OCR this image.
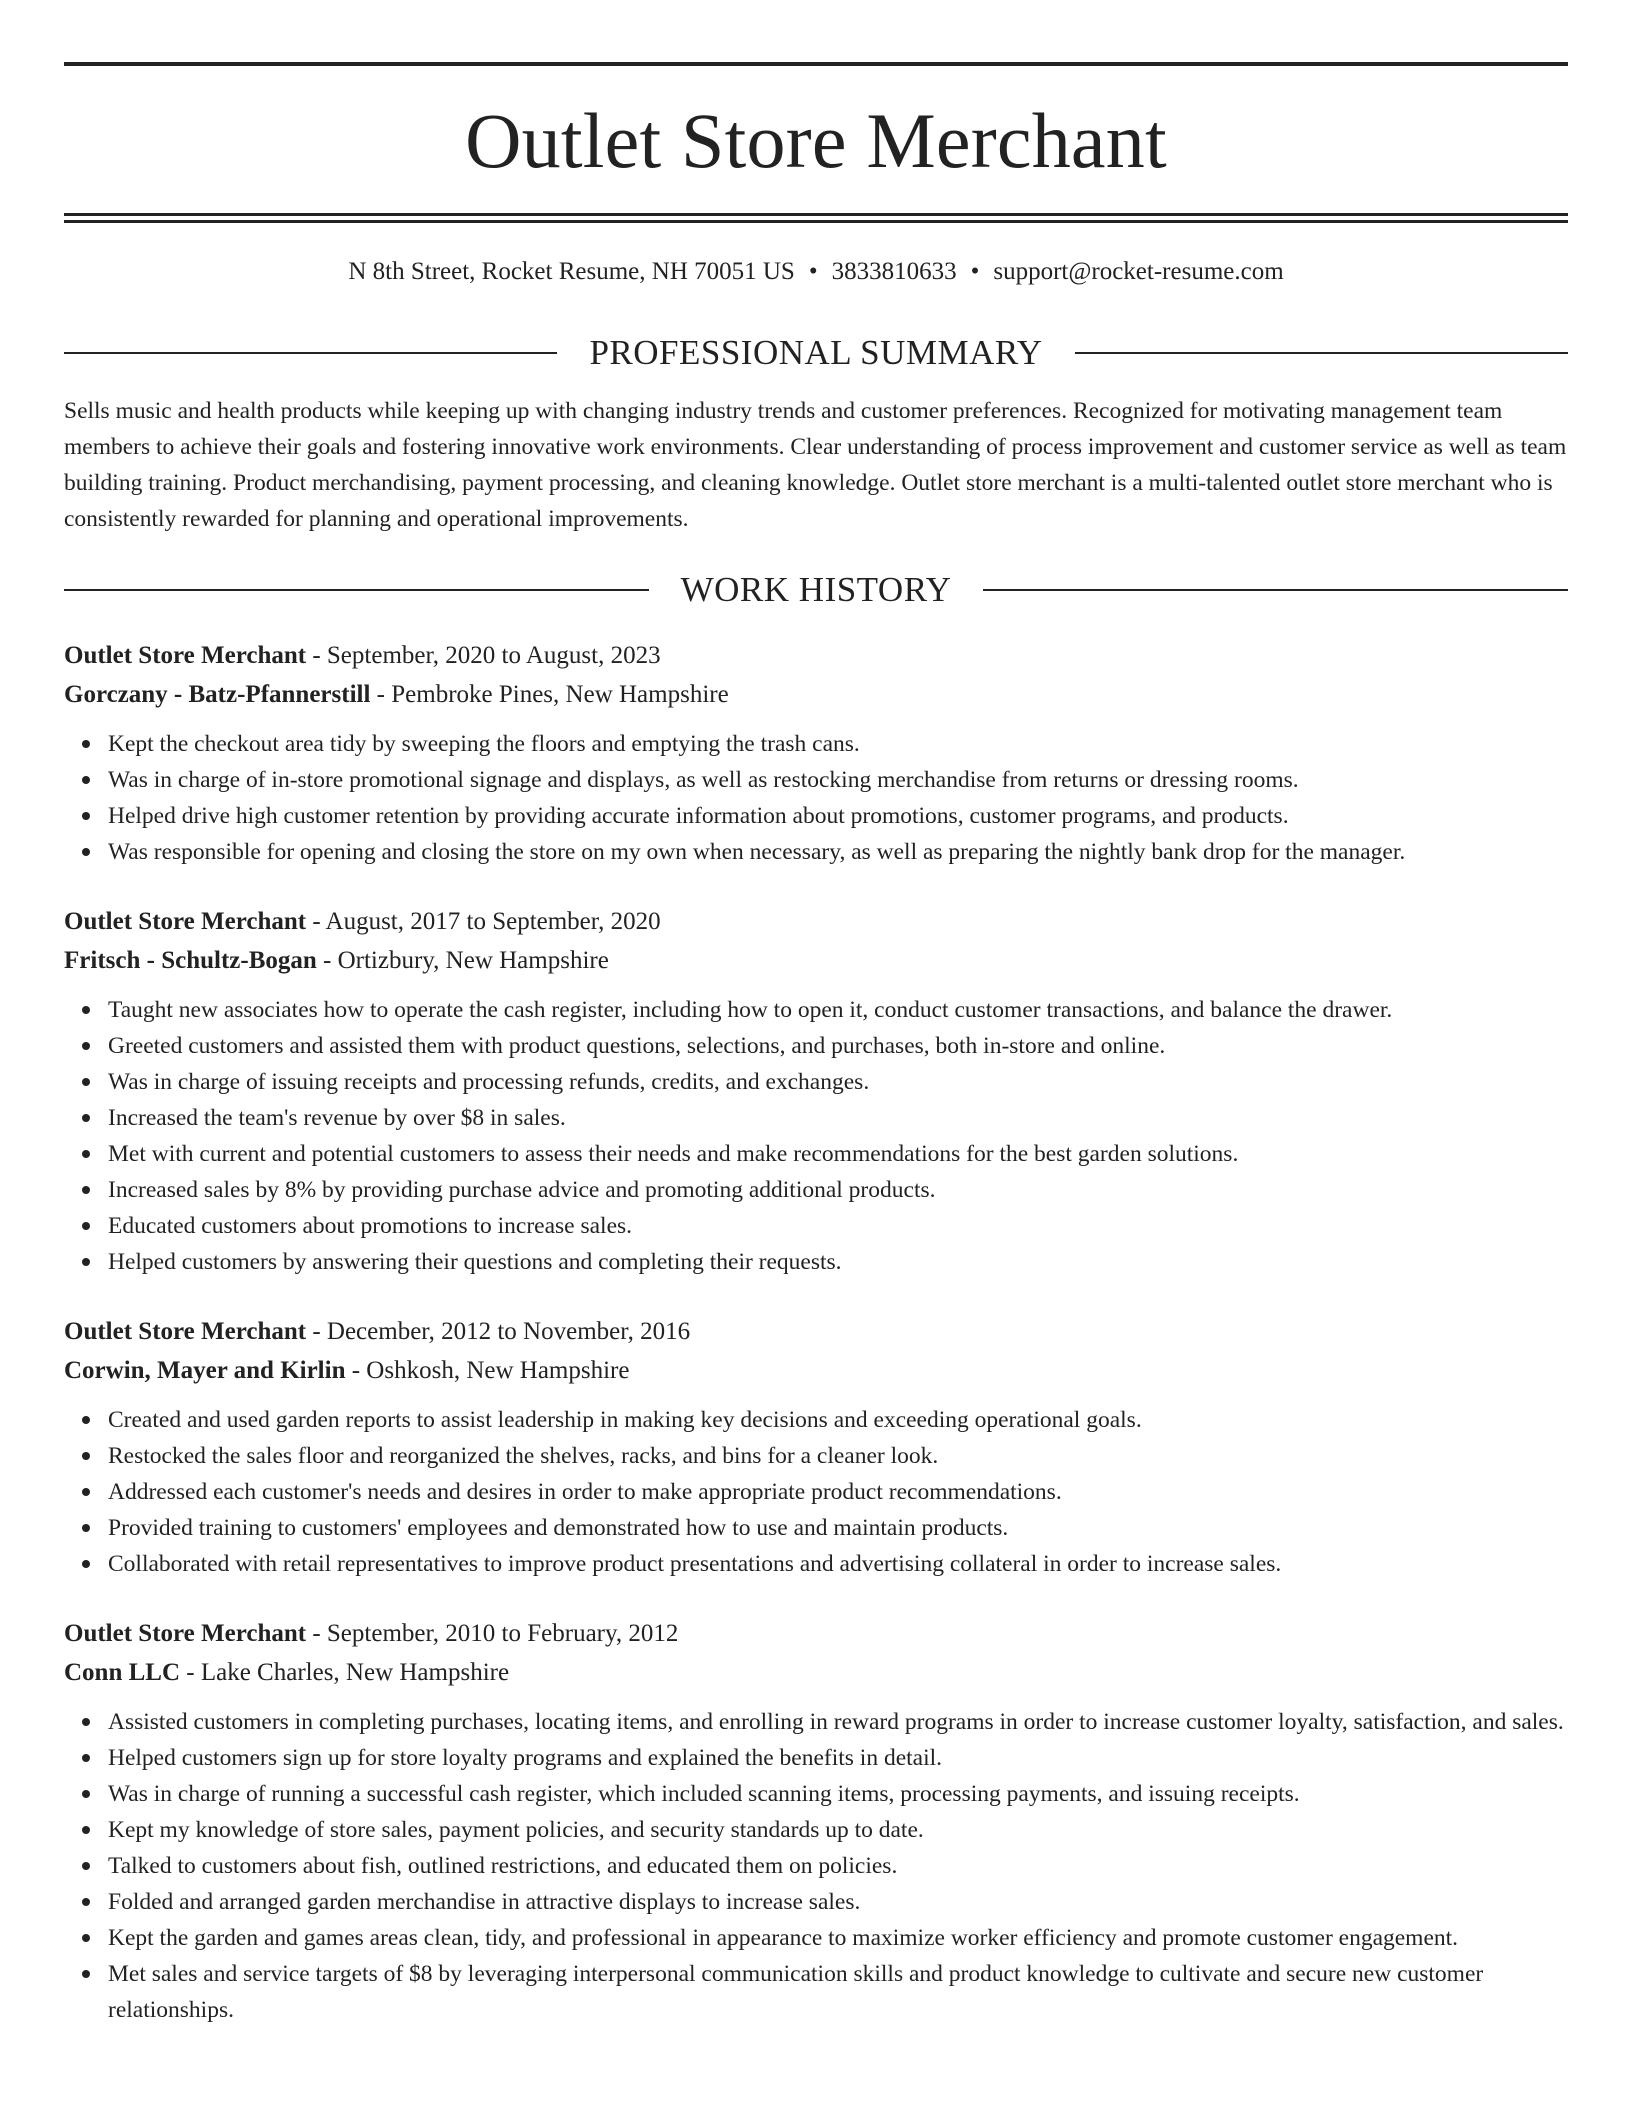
Outlet Store Merchant
N 8th Street, Rocket Resume, NH 70051 US • 3833810633 • support@rocket-resume.com
PROFESSIONAL SUMMARY

Sells music and health products while keeping up with changing industry trends and customer preferences. Recognized for motivating management team members to achieve their goals and fostering innovative work environments. Clear understanding of process improvement and customer service as well as team building training. Product merchandising, payment processing, and cleaning knowledge. Outlet store merchant is a multi-talented outlet store merchant who is consistently rewarded for planning and operational improvements.

WORK HISTORY
Outlet Store Merchant - September, 2020 to August, 2023
Gorczany - Batz-Pfannerstill - Pembroke Pines, New Hampshire
Kept the checkout area tidy by sweeping the floors and emptying the trash cans.
Was in charge of in-store promotional signage and displays, as well as restocking merchandise from returns or dressing rooms.
Helped drive high customer retention by providing accurate information about promotions, customer programs, and products.
Was responsible for opening and closing the store on my own when necessary, as well as preparing the nightly bank drop for the manager.
Outlet Store Merchant - August, 2017 to September, 2020
Fritsch - Schultz-Bogan - Ortizbury, New Hampshire
Taught new associates how to operate the cash register, including how to open it, conduct customer transactions, and balance the drawer.
Greeted customers and assisted them with product questions, selections, and purchases, both in-store and online.
Was in charge of issuing receipts and processing refunds, credits, and exchanges.
Increased the team's revenue by over $8 in sales.
Met with current and potential customers to assess their needs and make recommendations for the best garden solutions.
Increased sales by 8% by providing purchase advice and promoting additional products.
Educated customers about promotions to increase sales.
Helped customers by answering their questions and completing their requests.
Outlet Store Merchant - December, 2012 to November, 2016
Corwin, Mayer and Kirlin - Oshkosh, New Hampshire
Created and used garden reports to assist leadership in making key decisions and exceeding operational goals.
Restocked the sales floor and reorganized the shelves, racks, and bins for a cleaner look.
Addressed each customer's needs and desires in order to make appropriate product recommendations.
Provided training to customers' employees and demonstrated how to use and maintain products.
Collaborated with retail representatives to improve product presentations and advertising collateral in order to increase sales.
Outlet Store Merchant - September, 2010 to February, 2012
Conn LLC - Lake Charles, New Hampshire
Assisted customers in completing purchases, locating items, and enrolling in reward programs in order to increase customer loyalty, satisfaction, and sales.
Helped customers sign up for store loyalty programs and explained the benefits in detail.
Was in charge of running a successful cash register, which included scanning items, processing payments, and issuing receipts.
Kept my knowledge of store sales, payment policies, and security standards up to date.
Talked to customers about fish, outlined restrictions, and educated them on policies.
Folded and arranged garden merchandise in attractive displays to increase sales.
Kept the garden and games areas clean, tidy, and professional in appearance to maximize worker efficiency and promote customer engagement.
Met sales and service targets of $8 by leveraging interpersonal communication skills and product knowledge to cultivate and secure new customer relationships.
